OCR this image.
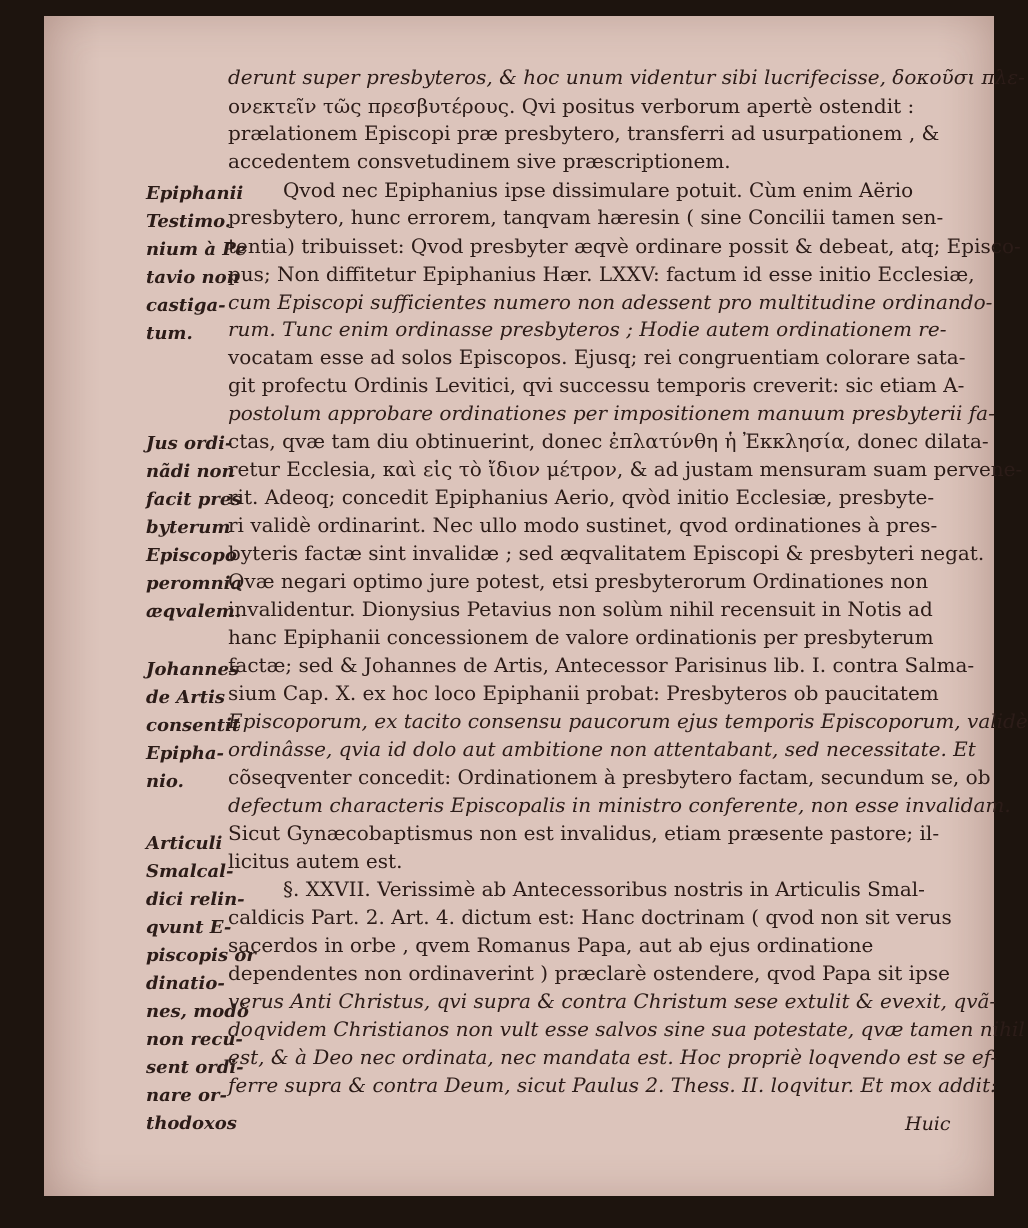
derunt super presbyteros, & hoc unum videntur sibi lucrifecisse, δοκοῦσι πλε-
ονεκτεῖν τῶς πρεσβυτέρους. Qvi positus verborum apertè ostendit :
prælationem Episcopi præ presbytero, transferri ad usurpationem , &
accedentem consvetudinem sive præscriptionem.
Qvod nec Epiphanius ipse dissimulare potuit. Cùm enim Aërio
presbytero, hunc errorem, tanqvam hæresin ( sine Concilii tamen sen-
tentia) tribuisset: Qvod presbyter æqvè ordinare possit & debeat, atq; Episco-
pus; Non diffitetur Epiphanius Hær. LXXV: factum id esse initio Ecclesiæ,
cum Episcopi sufficientes numero non adessent pro multitudine ordinando-
rum. Tunc enim ordinasse presbyteros ; Hodie autem ordinationem re-
vocatam esse ad solos Episcopos. Ejusq; rei congruentiam colorare sata-
git profectu Ordinis Levitici, qvi successu temporis creverit: sic etiam A-
postolum approbare ordinationes per impositionem manuum presbyterii fa-
ctas, qvæ tam diu obtinuerint, donec ἐπλατύνθη ἡ Ἐκκλησία, donec dilata-
retur Ecclesia, καὶ εἰς τὸ ἴδιον μέτρον, & ad justam mensuram suam pervene-
rit. Adeoq; concedit Epiphanius Aerio, qvòd initio Ecclesiæ, presbyte-
ri validè ordinarint. Nec ullo modo sustinet, qvod ordinationes à pres-
byteris factæ sint invalidæ ; sed æqvalitatem Episcopi & presbyteri negat.
Qvæ negari optimo jure potest, etsi presbyterorum Ordinationes non
invalidentur. Dionysius Petavius non solùm nihil recensuit in Notis ad
hanc Epiphanii concessionem de valore ordinationis per presbyterum
factæ; sed & Johannes de Artis, Antecessor Parisinus lib. I. contra Salma-
sium Cap. X. ex hoc loco Epiphanii probat: Presbyteros ob paucitatem
Episcoporum, ex tacito consensu paucorum ejus temporis Episcoporum, validè
ordinâsse, qvia id dolo aut ambitione non attentabant, sed necessitate. Et
cõseqventer concedit: Ordinationem à presbytero factam, secundum se, ob
defectum characteris Episcopalis in ministro conferente, non esse invalidam.
Sicut Gynæcobaptismus non est invalidus, etiam præsente pastore; il-
licitus autem est.
§. XXVII. Verissimè ab Antecessoribus nostris in Articulis Smal-
caldicis Part. 2. Art. 4. dictum est: Hanc doctrinam ( qvod non sit verus
sacerdos in orbe , qvem Romanus Papa, aut ab ejus ordinatione
dependentes non ordinaverint ) præclarè ostendere, qvod Papa sit ipse
verus Anti Christus, qvi supra & contra Christum sese extulit & evexit, qvã-
doqvidem Christianos non vult esse salvos sine sua potestate, qvæ tamen nihil
est, & à Deo nec ordinata, nec mandata est. Hoc propriè loqvendo est se ef-
ferre supra & contra Deum, sicut Paulus 2. Thess. II. loqvitur. Et mox addit:
Epiphanii
Testimo.
nium à Pe
tavio non
castiga-
tum.
Jus ordi-
nãdi non
facit pres
byterum
Episcopo
peromnia
æqvalem.
Johannes
de Artis
consentit
Epipha-
nio.
Articuli
Smalcal-
dici relin-
qvunt E-
piscopis or
dinatio-
nes, modò
non recu-
sent ordi-
nare or-
thodoxos	Huic
